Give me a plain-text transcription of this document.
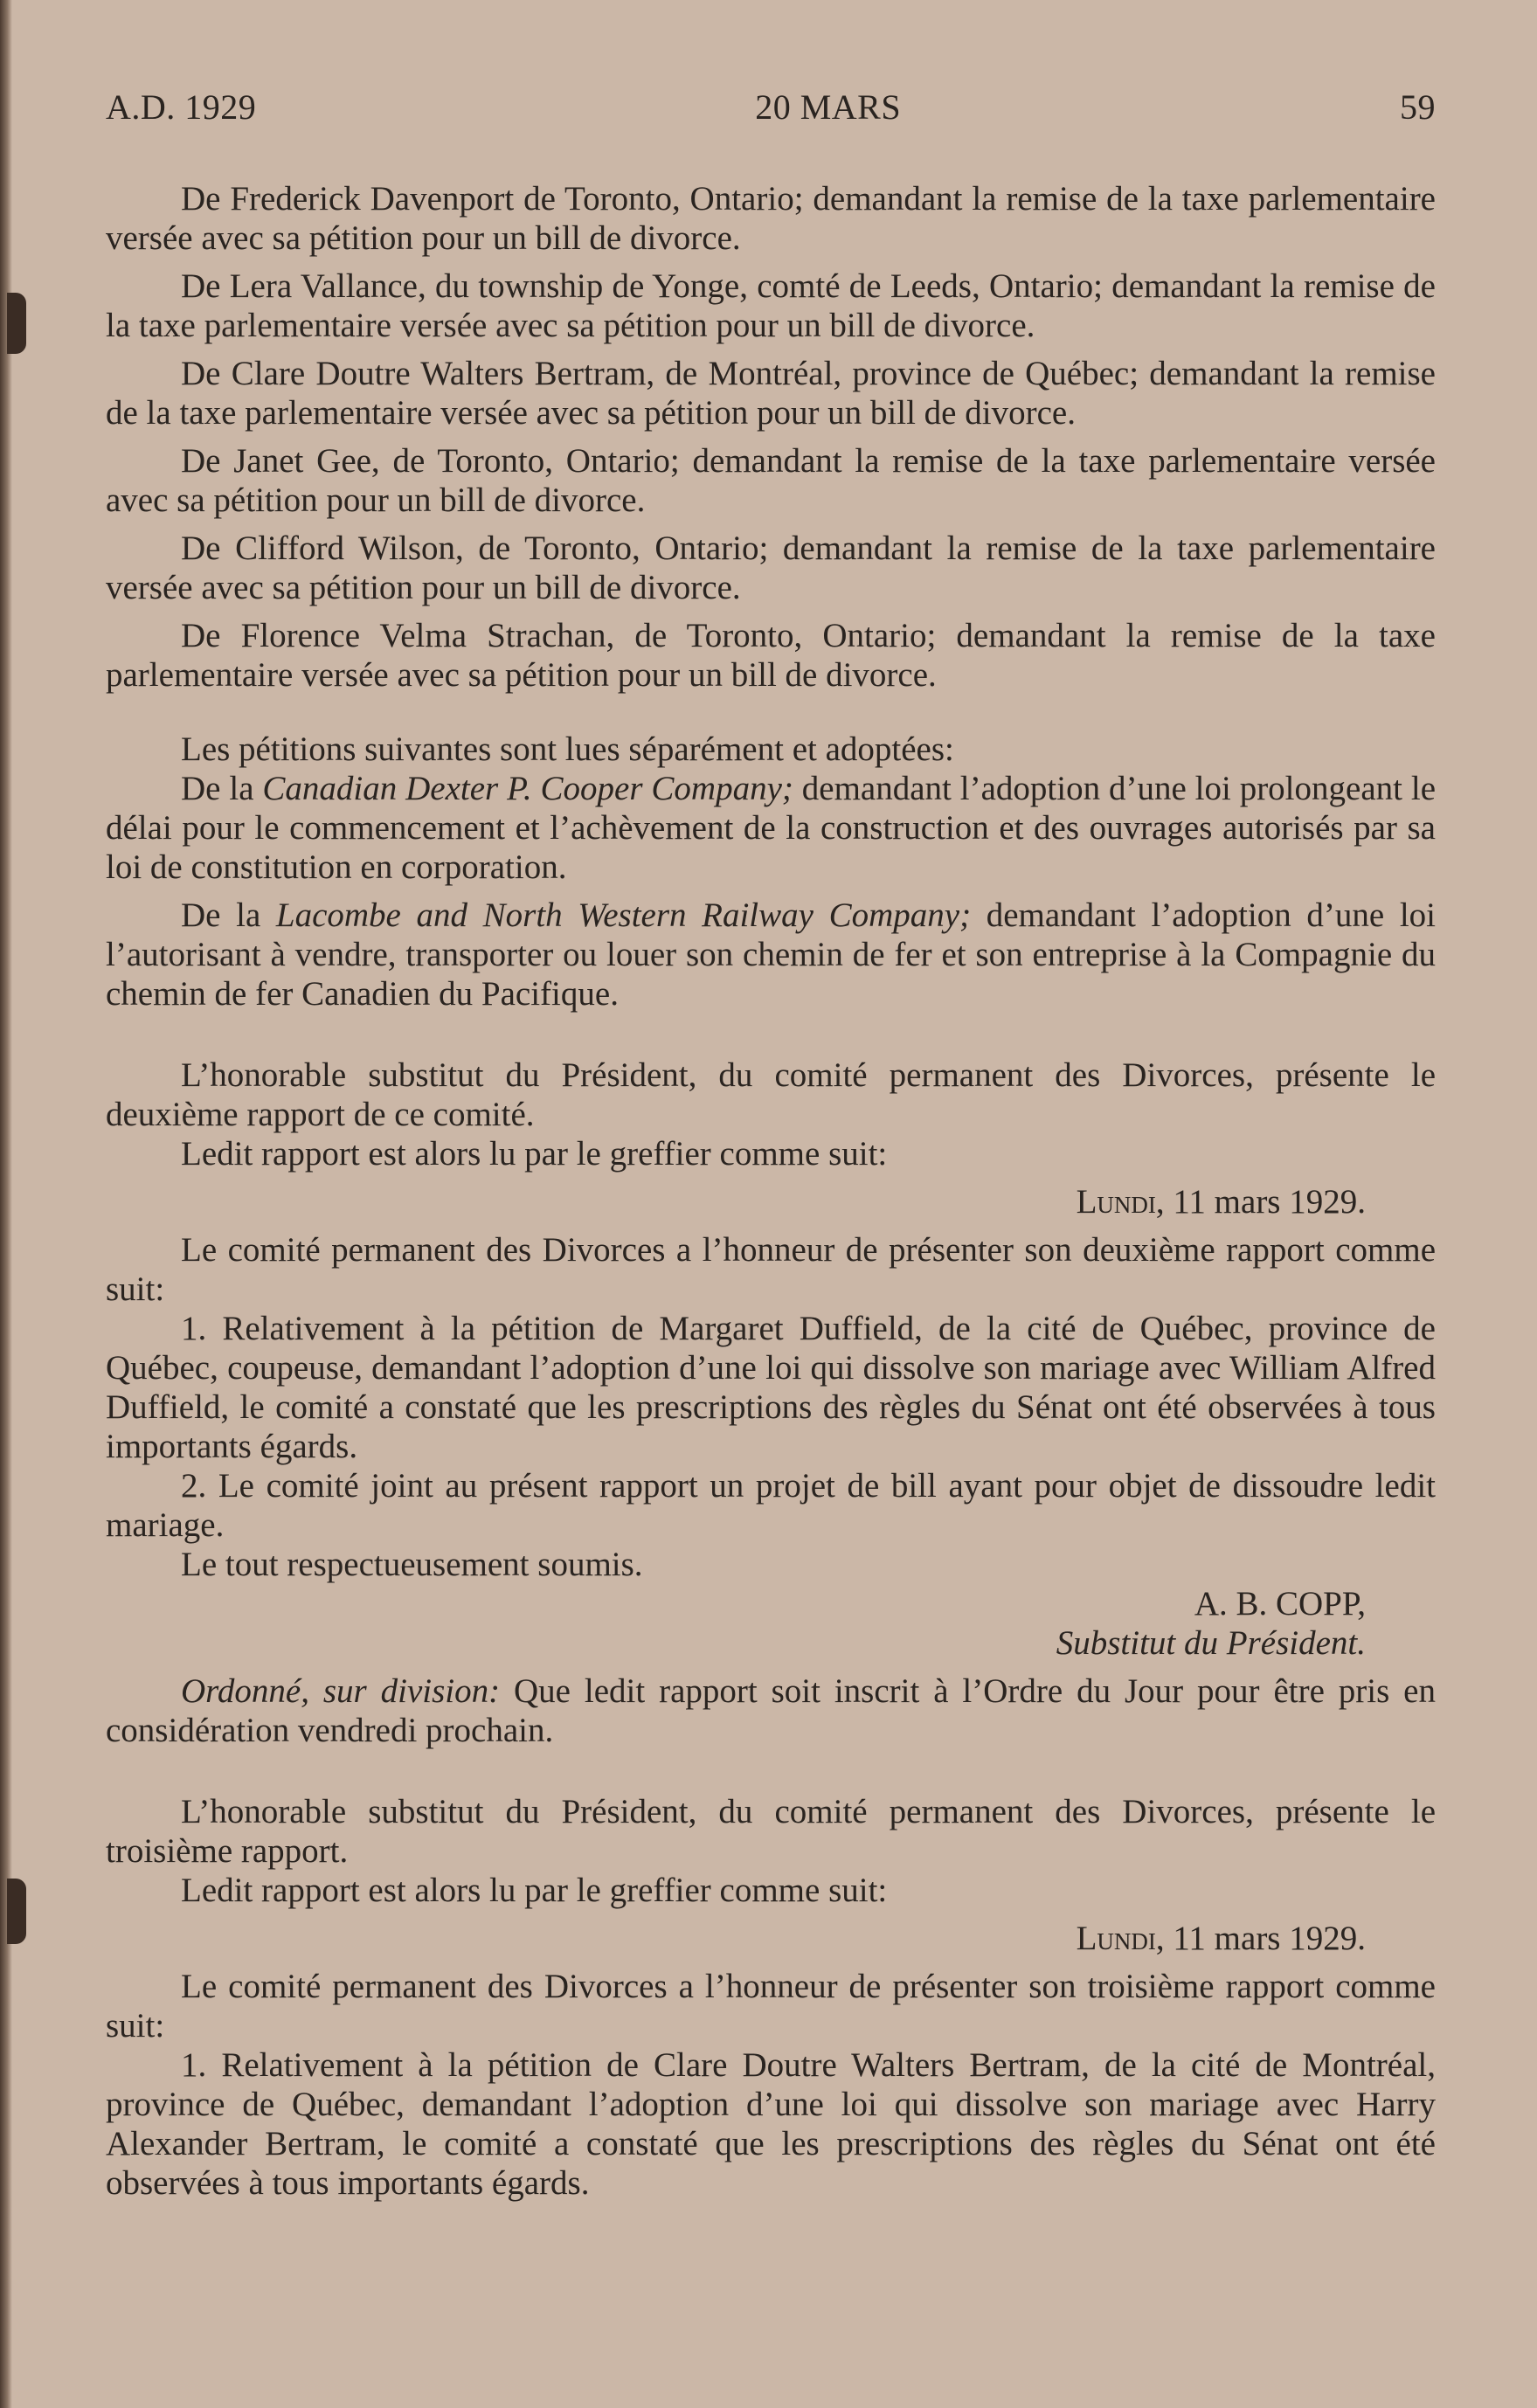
A.D. 1929	20 MARS	59

De Frederick Davenport de Toronto, Ontario; demandant la remise de la taxe parlementaire versée avec sa pétition pour un bill de divorce.

De Lera Vallance, du township de Yonge, comté de Leeds, Ontario; demandant la remise de la taxe parlementaire versée avec sa pétition pour un bill de divorce.

De Clare Doutre Walters Bertram, de Montréal, province de Québec; demandant la remise de la taxe parlementaire versée avec sa pétition pour un bill de divorce.

De Janet Gee, de Toronto, Ontario; demandant la remise de la taxe parlementaire versée avec sa pétition pour un bill de divorce.

De Clifford Wilson, de Toronto, Ontario; demandant la remise de la taxe parlementaire versée avec sa pétition pour un bill de divorce.

De Florence Velma Strachan, de Toronto, Ontario; demandant la remise de la taxe parlementaire versée avec sa pétition pour un bill de divorce.

Les pétitions suivantes sont lues séparément et adoptées:

De la Canadian Dexter P. Cooper Company; demandant l’adoption d’une loi prolongeant le délai pour le commencement et l’achèvement de la construction et des ouvrages autorisés par sa loi de constitution en corporation.

De la Lacombe and North Western Railway Company; demandant l’adoption d’une loi l’autorisant à vendre, transporter ou louer son chemin de fer et son entreprise à la Compagnie du chemin de fer Canadien du Pacifique.

L’honorable substitut du Président, du comité permanent des Divorces, présente le deuxième rapport de ce comité.

Ledit rapport est alors lu par le greffier comme suit:

Lundi, 11 mars 1929.

Le comité permanent des Divorces a l’honneur de présenter son deuxième rapport comme suit:

1. Relativement à la pétition de Margaret Duffield, de la cité de Québec, province de Québec, coupeuse, demandant l’adoption d’une loi qui dissolve son mariage avec William Alfred Duffield, le comité a constaté que les prescriptions des règles du Sénat ont été observées à tous importants égards.

2. Le comité joint au présent rapport un projet de bill ayant pour objet de dissoudre ledit mariage.

Le tout respectueusement soumis.

A. B. COPP,

Substitut du Président.

Ordonné, sur division: Que ledit rapport soit inscrit à l’Ordre du Jour pour être pris en considération vendredi prochain.

L’honorable substitut du Président, du comité permanent des Divorces, présente le troisième rapport.

Ledit rapport est alors lu par le greffier comme suit:

Lundi, 11 mars 1929.

Le comité permanent des Divorces a l’honneur de présenter son troisième rapport comme suit:

1. Relativement à la pétition de Clare Doutre Walters Bertram, de la cité de Montréal, province de Québec, demandant l’adoption d’une loi qui dissolve son mariage avec Harry Alexander Bertram, le comité a constaté que les prescriptions des règles du Sénat ont été observées à tous importants égards.
